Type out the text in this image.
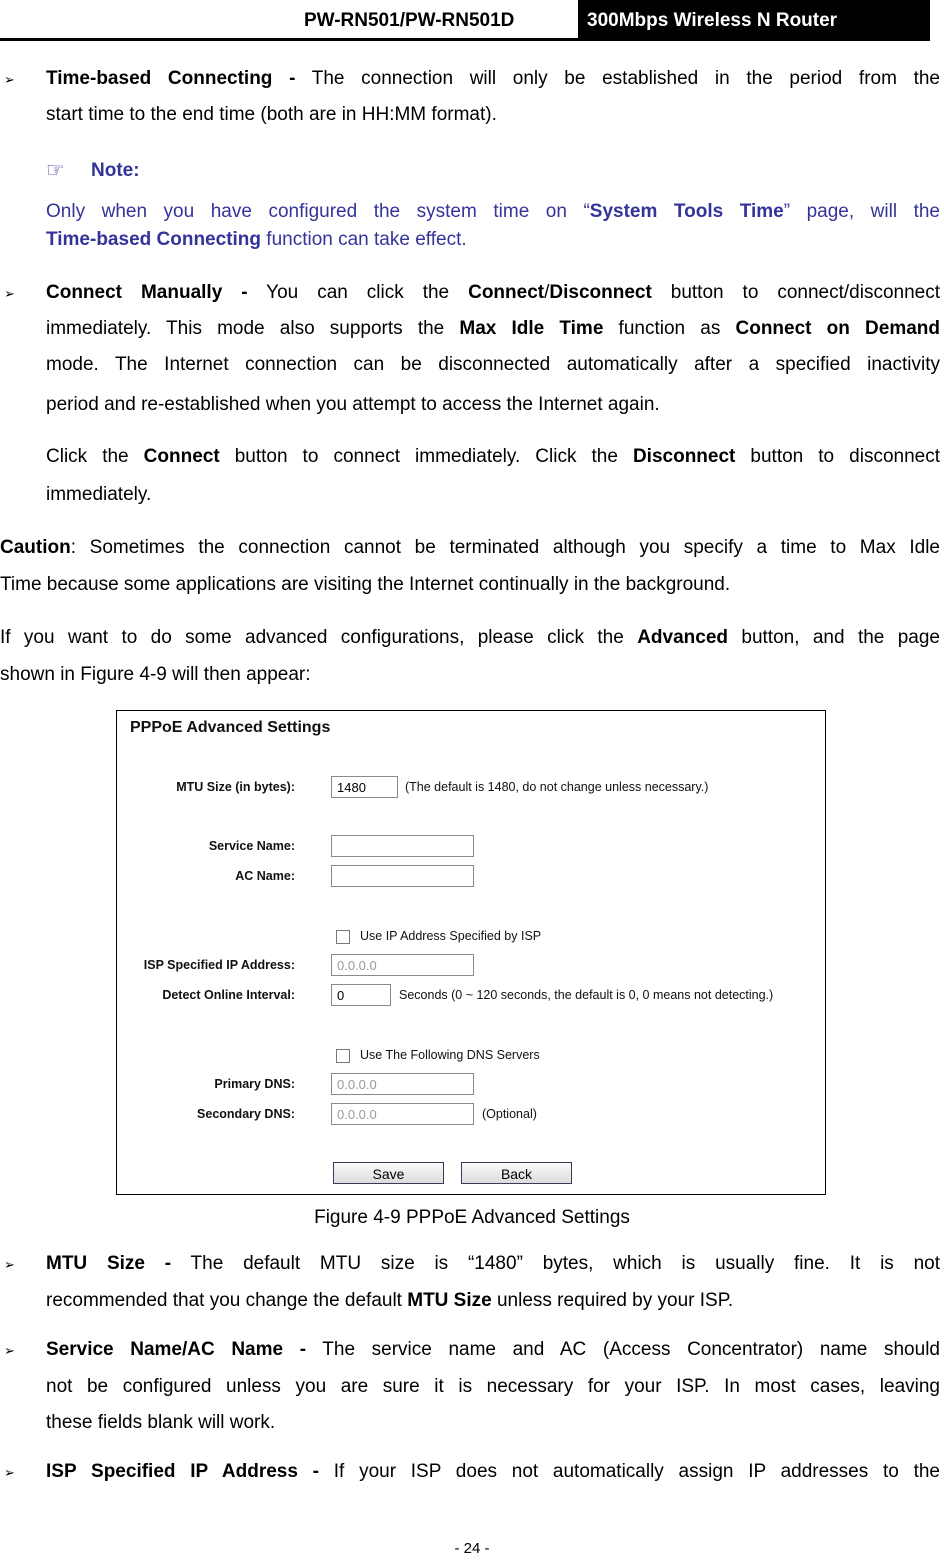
PW-RN501/PW-RN501D	300Mbps Wireless N Router
➢ Time-based Connecting - The connection will only be established in the period from the
start time to the end time (both are in HH:MM format).
☞ Note:
Only when you have configured the system time on “System Tools Time” page, will the
Time-based Connecting function can take effect.
➢ Connect Manually - You can click the Connect/Disconnect button to connect/disconnect
immediately. This mode also supports the Max Idle Time function as Connect on Demand
mode. The Internet connection can be disconnected automatically after a specified inactivity
period and re-established when you attempt to access the Internet again.
Click the Connect button to connect immediately. Click the Disconnect button to disconnect
immediately.
Caution: Sometimes the connection cannot be terminated although you specify a time to Max Idle
Time because some applications are visiting the Internet continually in the background.
If you want to do some advanced configurations, please click the Advanced button, and the page
shown in Figure 4-9 will then appear:
PPPoE Advanced Settings
MTU Size (in bytes):	1480	(The default is 1480, do not change unless necessary.)
Service Name:
AC Name:
Use IP Address Specified by ISP
ISP Specified IP Address:	0.0.0.0
Detect Online Interval:	0	Seconds (0 ~ 120 seconds, the default is 0, 0 means not detecting.)
Use The Following DNS Servers
Primary DNS:	0.0.0.0
Secondary DNS:	0.0.0.0	(Optional)
Save	Back
Figure 4-9 PPPoE Advanced Settings
➢ MTU Size - The default MTU size is “1480” bytes, which is usually fine. It is not
recommended that you change the default MTU Size unless required by your ISP.
➢ Service Name/AC Name - The service name and AC (Access Concentrator) name should
not be configured unless you are sure it is necessary for your ISP. In most cases, leaving
these fields blank will work.
➢ ISP Specified IP Address - If your ISP does not automatically assign IP addresses to the
- 24 -
